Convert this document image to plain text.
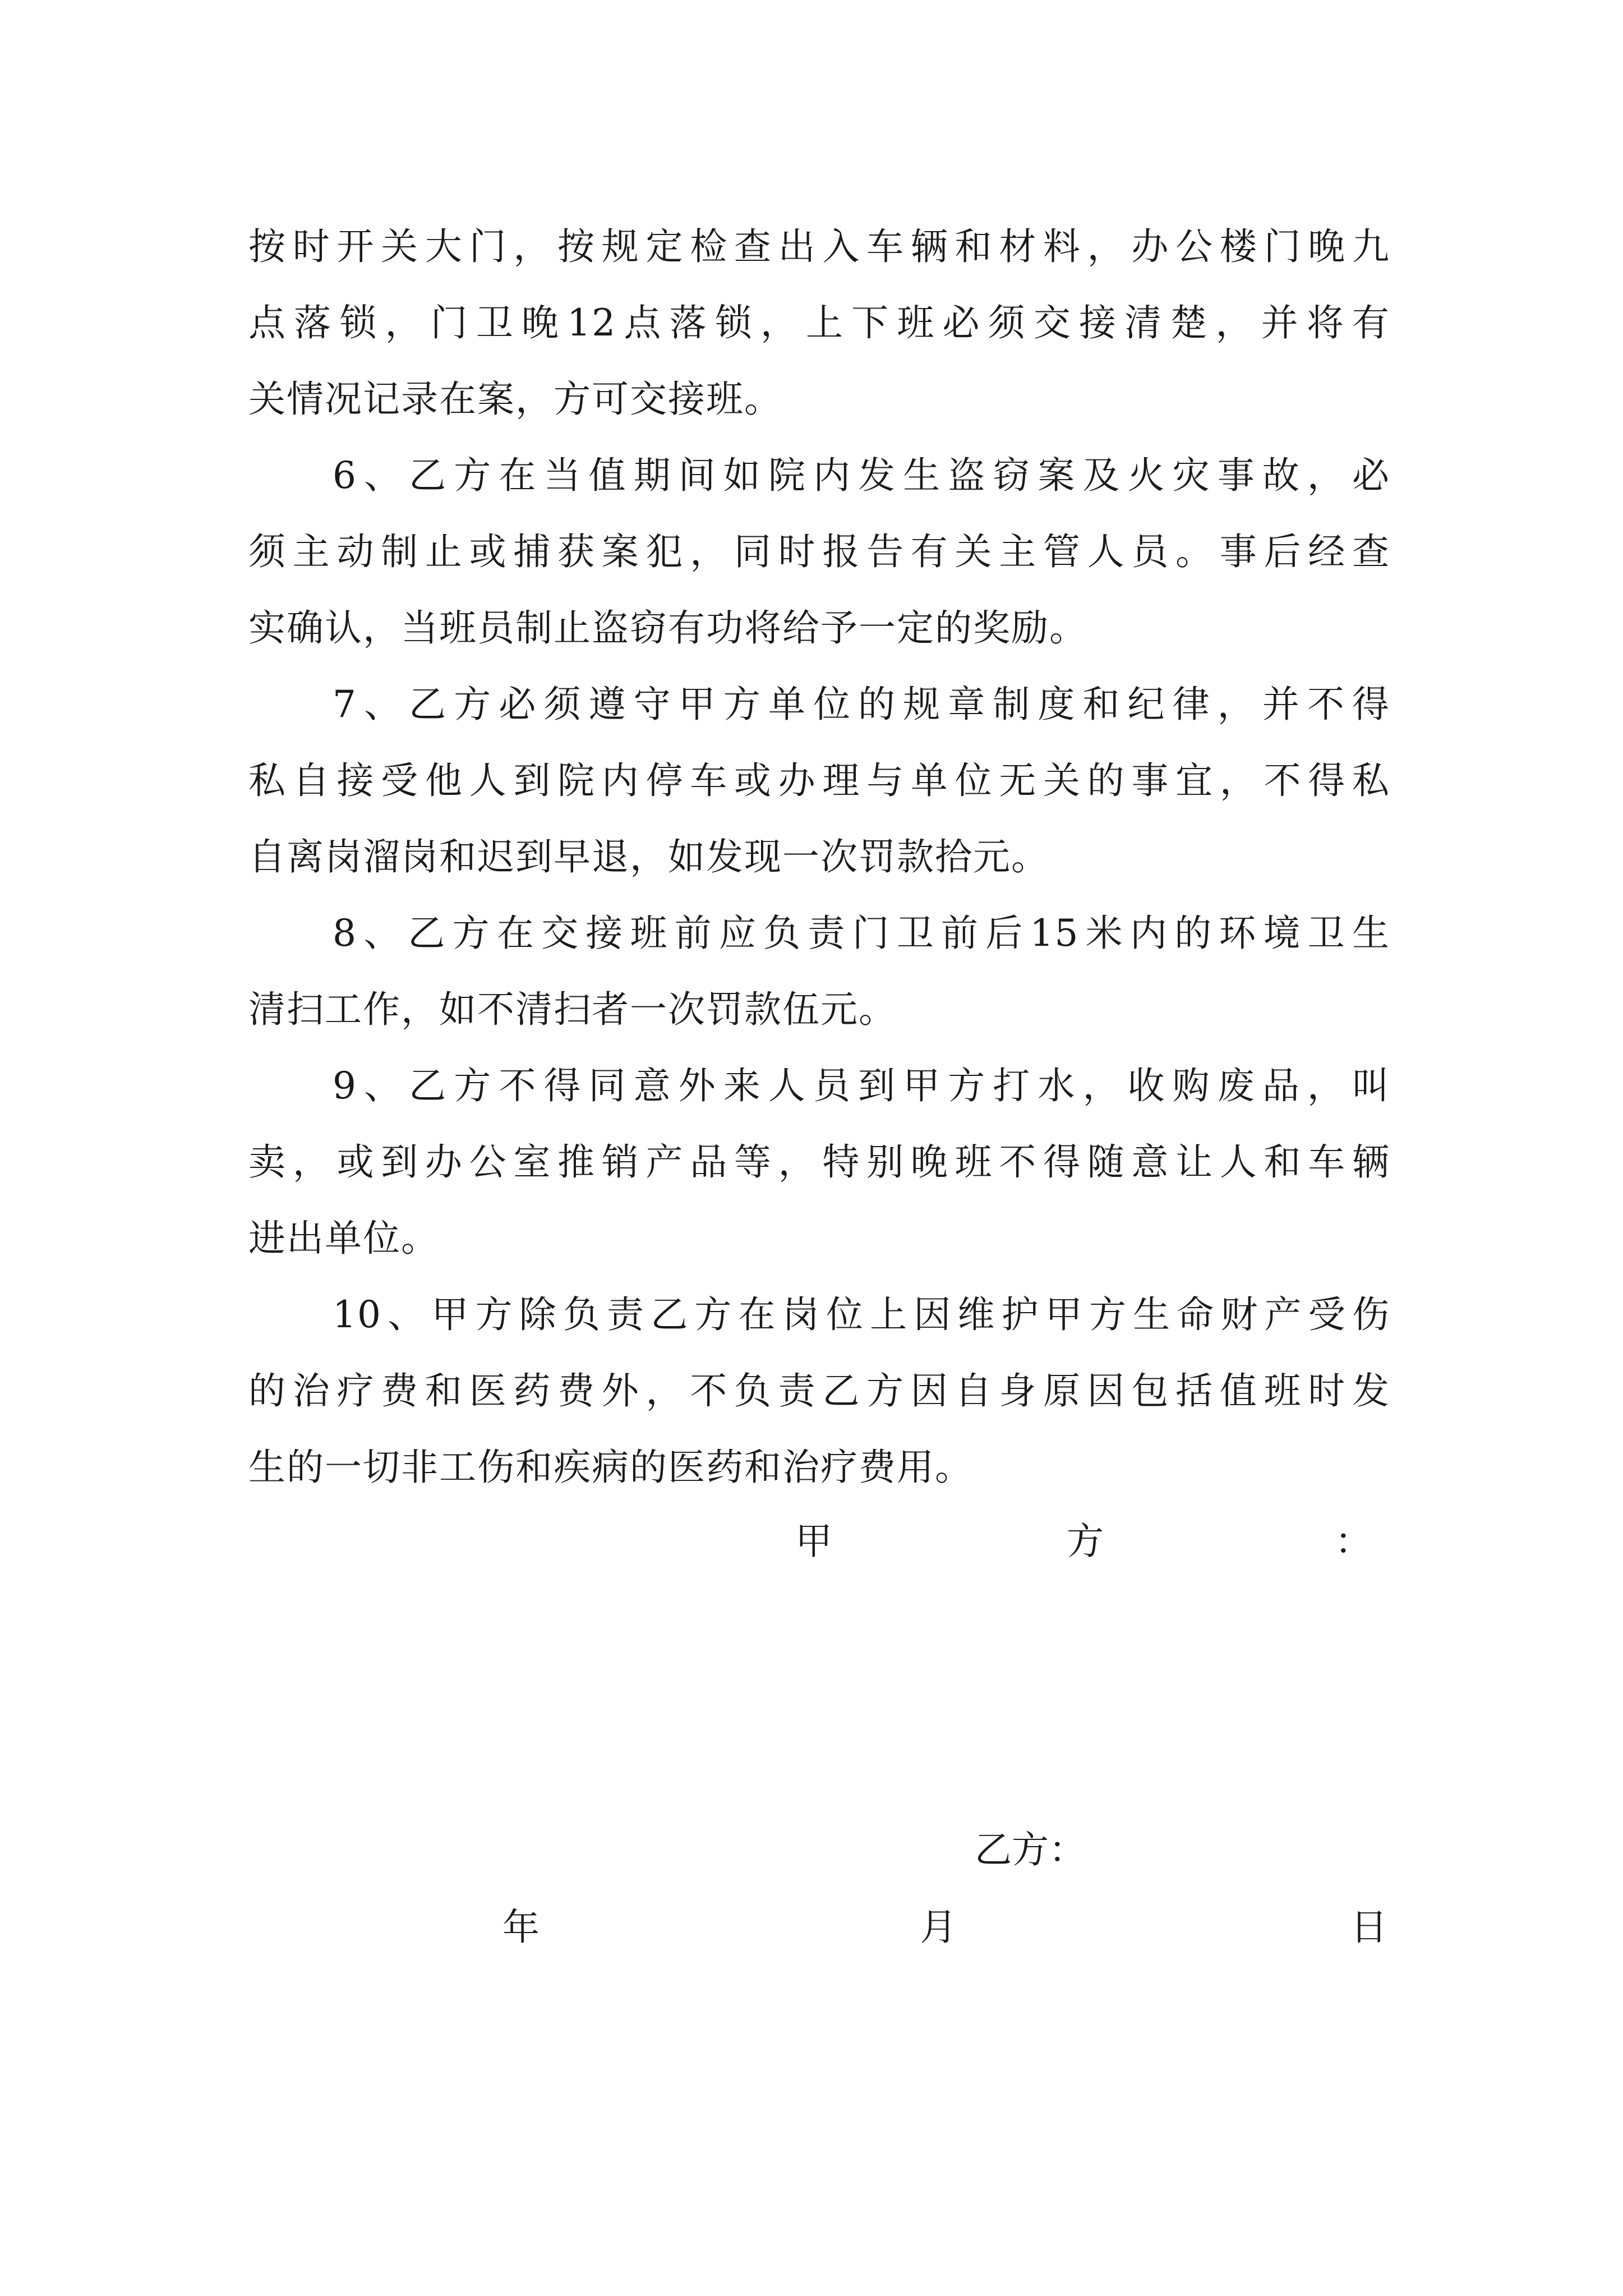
按时开关大门，按规定检查出入车辆和材料，办公楼门晚九
点落锁，门卫晚12点落锁，上下班必须交接清楚，并将有
关情况记录在案，方可交接班。
6、乙方在当值期间如院内发生盗窃案及火灾事故，必
须主动制止或捕获案犯，同时报告有关主管人员。事后经查
实确认，当班员制止盗窃有功将给予一定的奖励。
7、乙方必须遵守甲方单位的规章制度和纪律，并不得
私自接受他人到院内停车或办理与单位无关的事宜，不得私
自离岗溜岗和迟到早退，如发现一次罚款拾元。
8、乙方在交接班前应负责门卫前后15米内的环境卫生
清扫工作，如不清扫者一次罚款伍元。
9、乙方不得同意外来人员到甲方打水，收购废品，叫
卖，或到办公室推销产品等，特别晚班不得随意让人和车辆
进出单位。
10、甲方除负责乙方在岗位上因维护甲方生命财产受伤
的治疗费和医药费外，不负责乙方因自身原因包括值班时发
生的一切非工伤和疾病的医药和治疗费用。
甲	方	：
乙方：
年	月	日
